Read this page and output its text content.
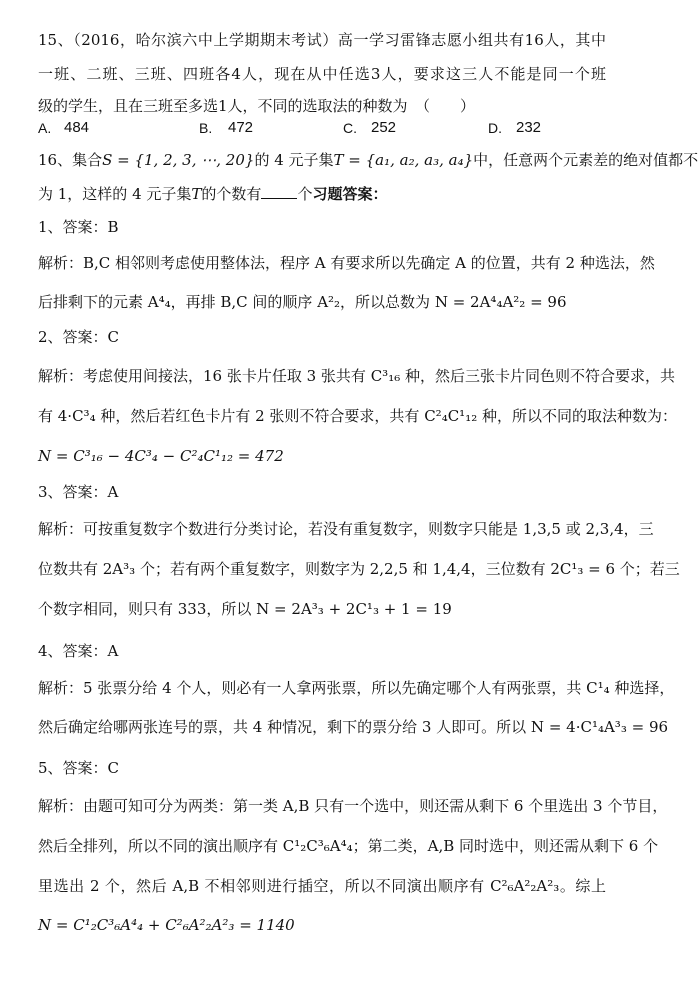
15、（2016，哈尔滨六中上学期期末考试）高一学习雷锋志愿小组共有16人，其中
一班、二班、三班、四班各4人，现在从中任选3人，要求这三人不能是同一个班
级的学生，且在三班至多选1人，不同的选取法的种数为　（　　）
A. 484	B. 472	C. 252	D. 232
16、集合S = {1, 2, 3, ⋯, 20}的 4 元子集T = {a₁, a₂, a₃, a₄}中，任意两个元素差的绝对值都不
为 1，这样的 4 元子集T的个数有 个习题答案：
1、答案：B
解析：B,C 相邻则考虑使用整体法，程序 A 有要求所以先确定 A 的位置，共有 2 种选法，然
后排剩下的元素 A⁴₄，再排 B,C 间的顺序 A²₂，所以总数为 N = 2A⁴₄A²₂ = 96
2、答案：C
解析：考虑使用间接法，16 张卡片任取 3 张共有 C³₁₆ 种，然后三张卡片同色则不符合要求，共
有 4·C³₄ 种，然后若红色卡片有 2 张则不符合要求，共有 C²₄C¹₁₂ 种，所以不同的取法种数为：
N = C³₁₆ − 4C³₄ − C²₄C¹₁₂ = 472
3、答案：A
解析：可按重复数字个数进行分类讨论，若没有重复数字，则数字只能是 1,3,5 或 2,3,4，三
位数共有 2A³₃ 个；若有两个重复数字，则数字为 2,2,5 和 1,4,4，三位数有 2C¹₃ = 6 个；若三
个数字相同，则只有 333，所以 N = 2A³₃ + 2C¹₃ + 1 = 19
4、答案：A
解析：5 张票分给 4 个人，则必有一人拿两张票，所以先确定哪个人有两张票，共 C¹₄ 种选择，
然后确定给哪两张连号的票，共 4 种情况，剩下的票分给 3 人即可。所以 N = 4·C¹₄A³₃ = 96
5、答案：C
解析：由题可知可分为两类：第一类 A,B 只有一个选中，则还需从剩下 6 个里选出 3 个节目，
然后全排列，所以不同的演出顺序有 C¹₂C³₆A⁴₄；第二类，A,B 同时选中，则还需从剩下 6 个
里选出 2 个，然后 A,B 不相邻则进行插空，所以不同演出顺序有 C²₆A²₂A²₃。综上
N = C¹₂C³₆A⁴₄ + C²₆A²₂A²₃ = 1140
